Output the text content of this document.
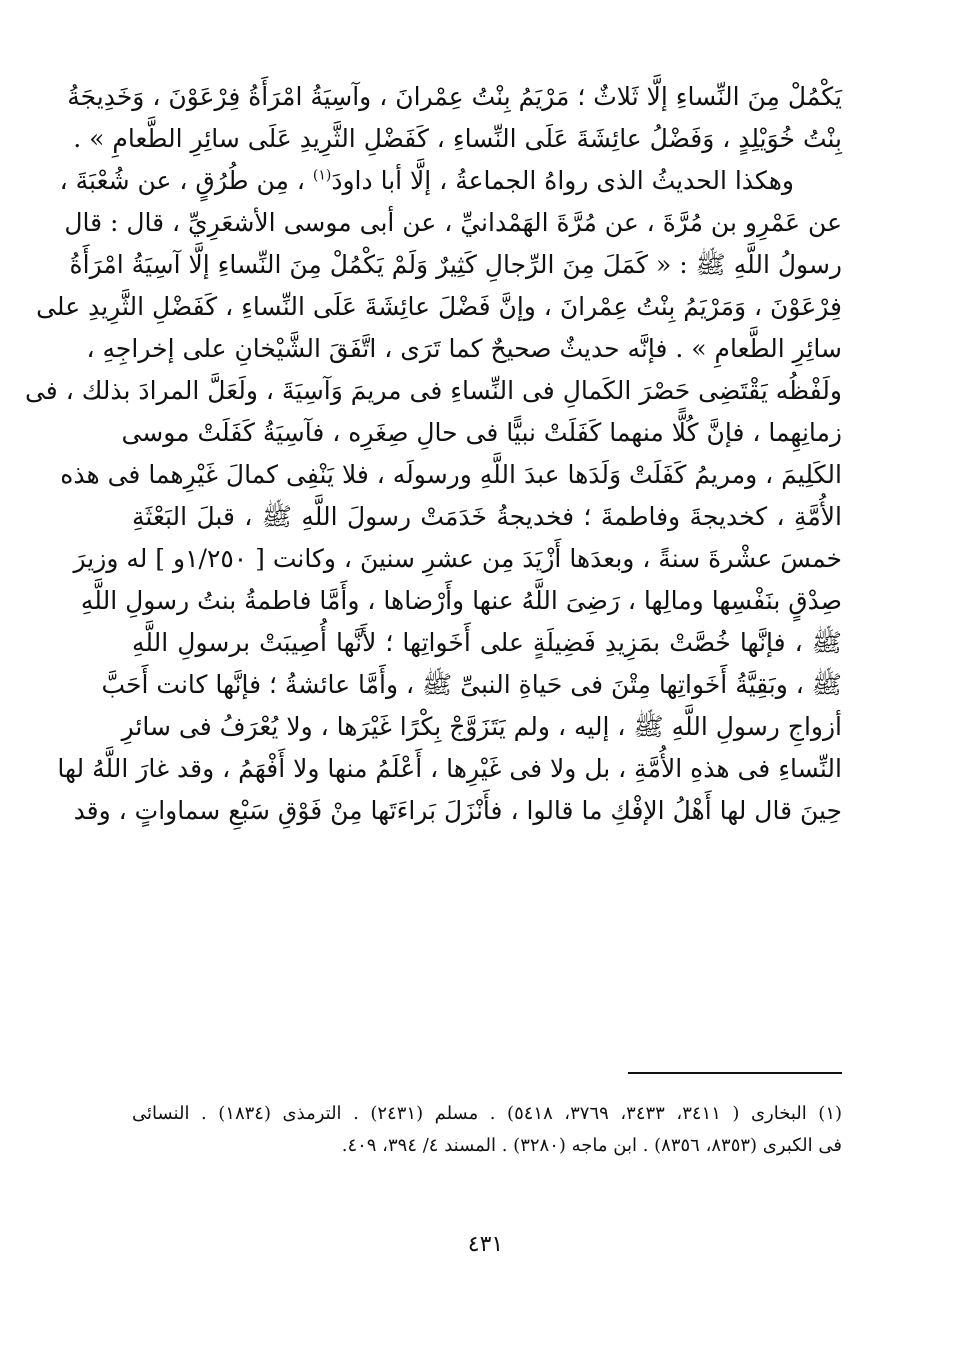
يَكْمُلْ مِنَ النِّساءِ إلَّا ثَلاثٌ ؛ مَرْيَمُ بِنْتُ عِمْرانَ ، وآسِيَةُ امْرَأَةُ فِرْعَوْنَ ، وَخَدِيجَةُ
بِنْتُ خُوَيْلِدٍ ، وَفَضْلُ عائِشَةَ عَلَى النِّساءِ ، كَفَضْلِ الثَّرِيدِ عَلَى سائِرِ الطَّعامِ » .
وهكذا الحديثُ الذى رواهُ الجماعةُ ، إلَّا أبا داودَ$^{(١)}$ ، مِن طُرُقٍ ، عن شُعْبَةَ ،
عن عَمْرِو بن مُرَّةَ ، عن مُرَّةَ الهَمْدانيِّ ، عن أبى موسى الأشعَرِيِّ ، قال : قال
رسولُ اللَّهِ ﷺ : « كَمَلَ مِنَ الرِّجالِ كَثِيرٌ وَلَمْ يَكْمُلْ مِنَ النِّساءِ إلَّا آسِيَةُ امْرَأَةُ
فِرْعَوْنَ ، وَمَرْيَمُ بِنْتُ عِمْرانَ ، وإنَّ فَضْلَ عائِشَةَ عَلَى النِّساءِ ، كَفَضْلِ الثَّرِيدِ على
سائِرِ الطَّعامِ » . فإنَّه حديثٌ صحيحٌ كما تَرَى ، اتَّفَقَ الشَّيْخانِ على إخراجِهِ ،
ولَفْظُه يَقْتَضِى حَصْرَ الكَمالِ فى النِّساءِ فى مريمَ وَآسِيَةَ ، ولَعَلَّ المرادَ بذلك ، فى
زمانِهِما ، فإنَّ كُلًّا منهما كَفَلَتْ نبيًّا فى حالِ صِغَرِه ، فآسِيَةُ كَفَلَتْ موسى
الكَلِيمَ ، ومريمُ كَفَلَتْ وَلَدَها عبدَ اللَّهِ ورسولَه ، فلا يَنْفِى كمالَ غَيْرِهما فى هذه
الأُمَّةِ ، كخديجةَ وفاطمةَ ؛ فخديجةُ خَدَمَتْ رسولَ اللَّهِ ﷺ ، قبلَ البَعْثَةِ
خمسَ عشْرةَ سنةً ، وبعدَها أَزْيَدَ مِن عشرِ سنينَ ، وكانت [ ١/٢٥٠و ] له وزيرَ
صِدْقٍ بنَفْسِها ومالِها ، رَضِىَ اللَّهُ عنها وأَرْضاها ، وأَمَّا فاطمةُ بنتُ رسولِ اللَّهِ
ﷺ ، فإنَّها خُصَّتْ بمَزِيدِ فَضِيلَةٍ على أَخَواتِها ؛ لأَنَّها أُصِيبَتْ برسولِ اللَّهِ
ﷺ ، وبَقِيَّةُ أَخَواتِها مِتْنَ فى حَياةِ النبىِّ ﷺ ، وأَمَّا عائشةُ ؛ فإنَّها كانت أَحَبَّ
أزواجِ رسولِ اللَّهِ ﷺ ، إليه ، ولم يَتَزَوَّجْ بِكْرًا غَيْرَها ، ولا يُعْرَفُ فى سائرِ
النِّساءِ فى هذهِ الأُمَّةِ ، بل ولا فى غَيْرِها ، أَعْلَمُ منها ولا أَفْهَمُ ، وقد غارَ اللَّهُ لها
حِينَ قال لها أَهْلُ الإفْكِ ما قالوا ، فأَنْزَلَ بَراءَتَها مِنْ فَوْقِ سَبْعِ سماواتٍ ، وقد
(١) البخارى ( ٣٤١١، ٣٤٣٣، ٣٧٦٩، ٥٤١٨) . مسلم (٢٤٣١) . الترمذى (١٨٣٤) . النسائى
فى الكبرى (٨٣٥٣، ٨٣٥٦) . ابن ماجه (٣٢٨٠) . المسند ٤/ ٣٩٤، ٤٠٩.
٤٣١
